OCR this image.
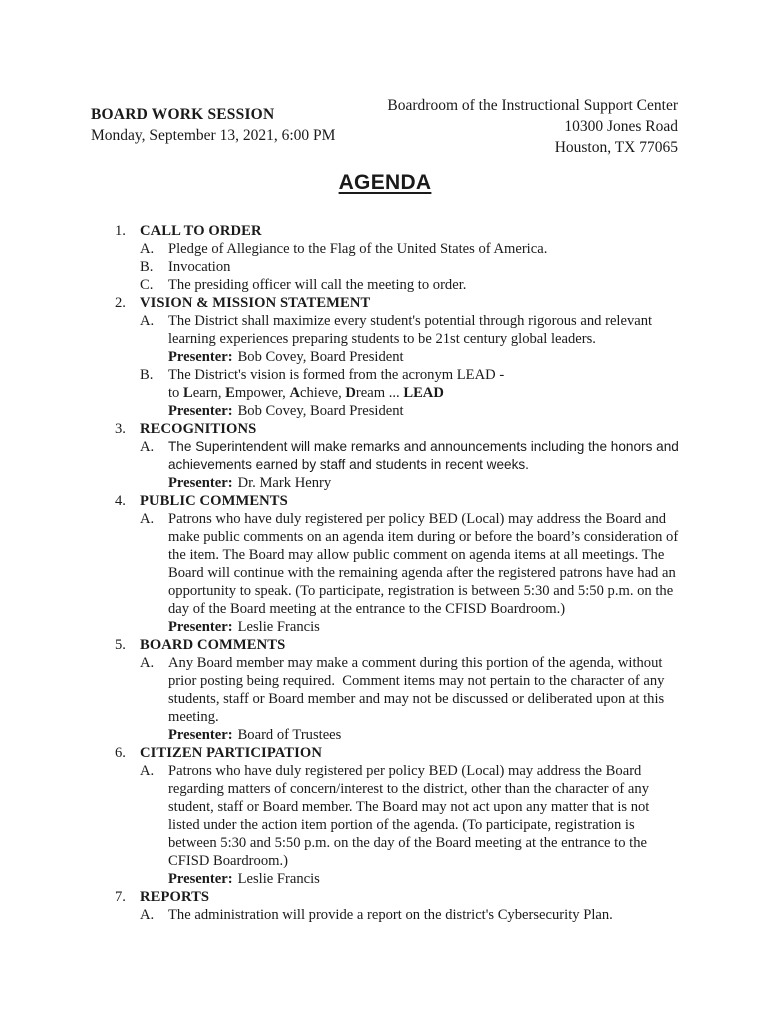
BOARD WORK SESSION
Monday, September 13, 2021, 6:00 PM
Boardroom of the Instructional Support Center
10300 Jones Road
Houston, TX 77065
AGENDA
1. CALL TO ORDER
A. Pledge of Allegiance to the Flag of the United States of America.
B.	Invocation
C.	The presiding officer will call the meeting to order.
2. VISION & MISSION STATEMENT
A. The District shall maximize every student's potential through rigorous and relevant learning experiences preparing students to be 21st century global leaders.
Presenter: Bob Covey, Board President
B.	The District's vision is formed from the acronym LEAD -
to Learn, Empower, Achieve, Dream ... LEAD
Presenter: Bob Covey, Board President
3. RECOGNITIONS
A.	The Superintendent will make remarks and announcements including the honors and achievements earned by staff and students in recent weeks.
Presenter: Dr. Mark Henry
4. PUBLIC COMMENTS
A. Patrons who have duly registered per policy BED (Local) may address the Board and make public comments on an agenda item during or before the board’s consideration of the item. The Board may allow public comment on agenda items at all meetings. The Board will continue with the remaining agenda after the registered patrons have had an opportunity to speak. (To participate, registration is between 5:30 and 5:50 p.m. on the day of the Board meeting at the entrance to the CFISD Boardroom.)
Presenter: Leslie Francis
5. BOARD COMMENTS
A. Any Board member may make a comment during this portion of the agenda, without prior posting being required.  Comment items may not pertain to the character of any students, staff or Board member and may not be discussed or deliberated upon at this meeting.
Presenter: Board of Trustees
6. CITIZEN PARTICIPATION
A. Patrons who have duly registered per policy BED (Local) may address the Board regarding matters of concern/interest to the district, other than the character of any student, staff or Board member. The Board may not act upon any matter that is not listed under the action item portion of the agenda. (To participate, registration is between 5:30 and 5:50 p.m. on the day of the Board meeting at the entrance to the CFISD Boardroom.)
Presenter: Leslie Francis
7. REPORTS
A. The administration will provide a report on the district's Cybersecurity Plan.
